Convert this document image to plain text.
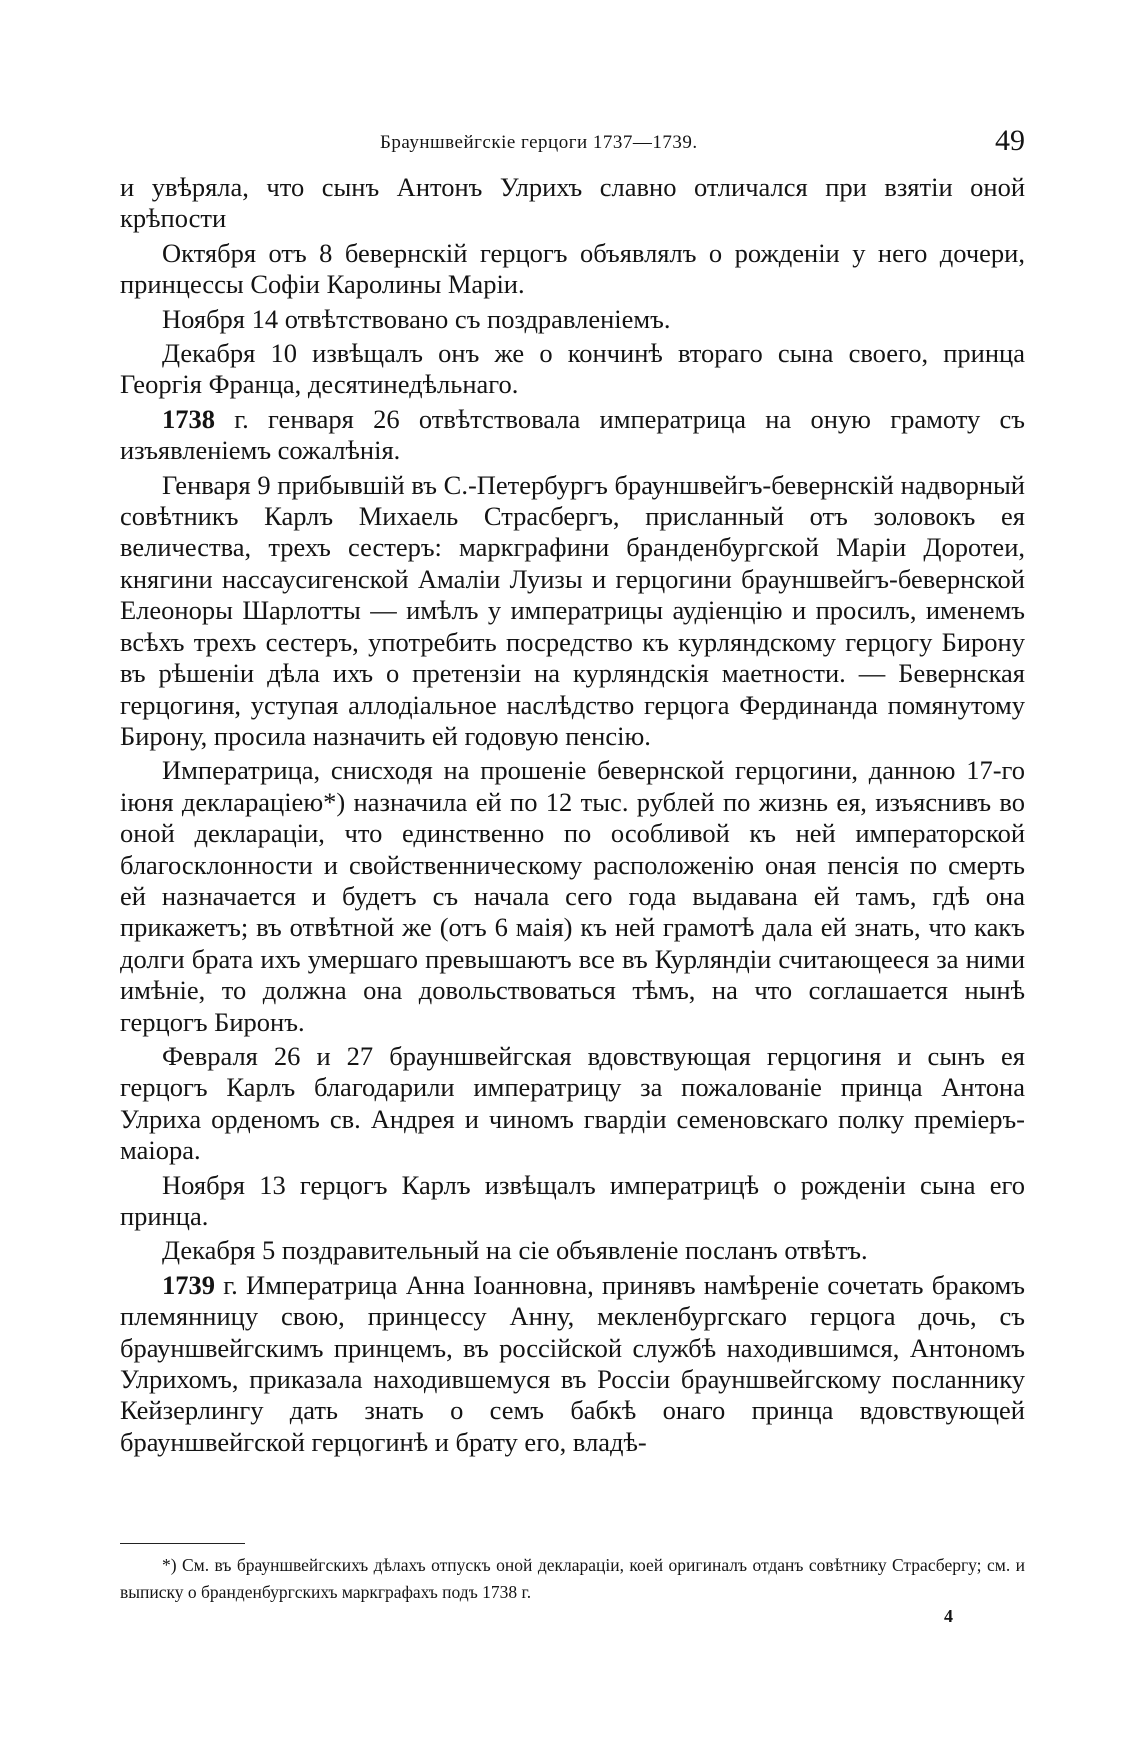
Брауншвейгскіе герцоги 1737—1739.	49

и увѣряла, что сынъ Антонъ Улрихъ славно отличался при взятіи оной крѣпости

Октября отъ 8 бевернскій герцогъ объявлялъ о рожденіи у него дочери, принцессы Софіи Каролины Маріи.

Ноября 14 отвѣтствовано съ поздравленіемъ.

Декабря 10 извѣщалъ онъ же о кончинѣ втораго сына своего, принца Георгія Франца, десятинедѣльнаго.

1738 г. генваря 26 отвѣтствовала императрица на оную грамоту съ изъявленіемъ сожалѣнія.

Генваря 9 прибывшій въ С.-Петербургъ брауншвейгъ-бевернскій надворный совѣтникъ Карлъ Михаель Страсбергъ, присланный отъ золовокъ ея величества, трехъ сестеръ: маркграфини бранденбургской Маріи Доротеи, княгини нассаусигенской Амаліи Луизы и герцогини брауншвейгъ-бевернской Елеоноры Шарлотты — имѣлъ у императрицы аудіенцію и просилъ, именемъ всѣхъ трехъ сестеръ, употребить посредство къ курляндскому герцогу Бирону въ рѣшеніи дѣла ихъ о претензіи на курляндскія маетности. — Бевернская герцогиня, уступая аллодіальное наслѣдство герцога Фердинанда помянутому Бирону, просила назначить ей годовую пенсію.

Императрица, снисходя на прошеніе бевернской герцогини, данною 17-го іюня декларацiею*) назначила ей по 12 тыс. рублей по жизнь ея, изъяснивъ во оной деклараціи, что единственно по особливой къ ней императорской благосклонности и свойственническому расположенію оная пенсія по смерть ей назначается и будетъ съ начала сего года выдавана ей тамъ, гдѣ она прикажетъ; въ отвѣтной же (отъ 6 маія) къ ней грамотѣ дала ей знать, что какъ долги брата ихъ умершаго превышаютъ все въ Курляндіи считающееся за ними имѣніе, то должна она довольствоваться тѣмъ, на что соглашается нынѣ герцогъ Биронъ.

Февраля 26 и 27 брауншвейгская вдовствующая герцогиня и сынъ ея герцогъ Карлъ благодарили императрицу за пожалованіе принца Антона Улриха орденомъ св. Андрея и чиномъ гвардіи семеновскаго полку преміеръ-маіора.

Ноября 13 герцогъ Карлъ извѣщалъ императрицѣ о рожденіи сына его принца.

Декабря 5 поздравительный на сіе объявленіе посланъ отвѣтъ.

1739 г. Императрица Анна Іоанновна, принявъ намѣреніе сочетать бракомъ племянницу свою, принцессу Анну, мекленбургскаго герцога дочь, съ брауншвейгскимъ принцемъ, въ россійской службѣ находившимся, Антономъ Улрихомъ, приказала находившемуся въ Россіи брауншвейгскому посланнику Кейзерлингу дать знать о семъ бабкѣ онаго принца вдовствующей брауншвейгской герцогинѣ и брату его, владѣ-

*) См. въ брауншвейгскихъ дѣлахъ отпускъ оной деклараціи, коей оригиналъ отданъ совѣтнику Страсбергу; см. и выписку о бранденбургскихъ маркграфахъ подъ 1738 г.
4
